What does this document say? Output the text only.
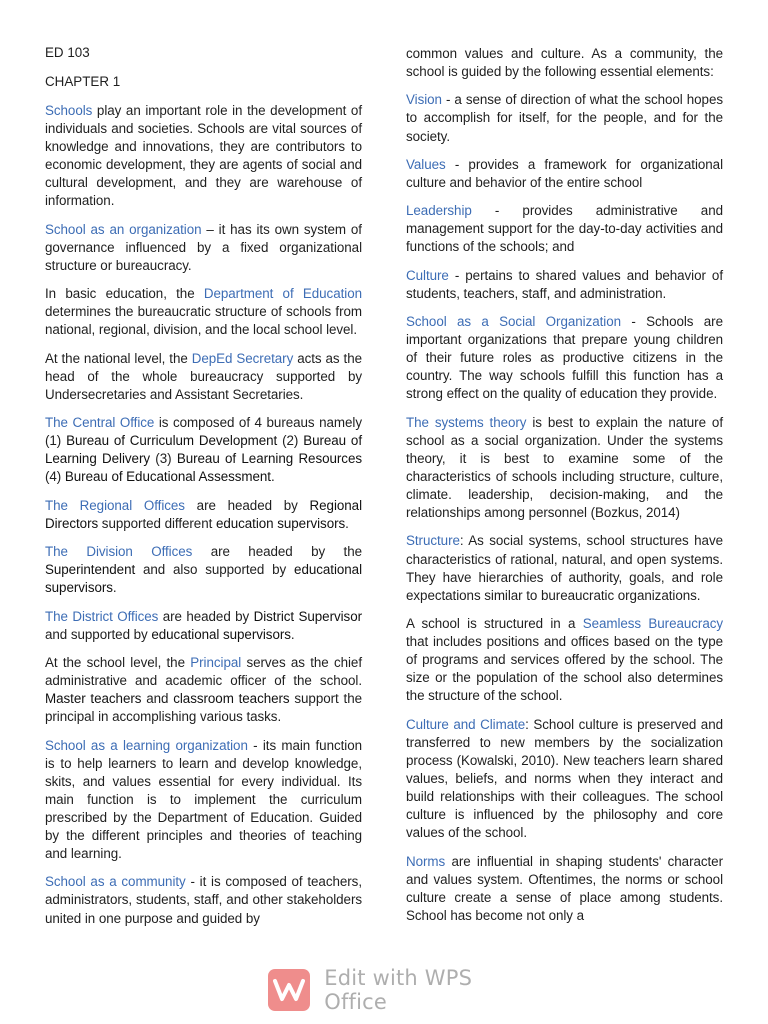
ED 103
CHAPTER 1

Schools play an important role in the development of individuals and societies. Schools are vital sources of knowledge and innovations, they are contributors to economic development, they are agents of social and cultural development, and they are warehouse of information.

School as an organization – it has its own system of governance influenced by a fixed organizational structure or bureaucracy.

In basic education, the Department of Education determines the bureaucratic structure of schools from national, regional, division, and the local school level.

At the national level, the DepEd Secretary acts as the head of the whole bureaucracy supported by Undersecretaries and Assistant Secretaries.

The Central Office is composed of 4 bureaus namely (1) Bureau of Curriculum Development (2) Bureau of Learning Delivery (3) Bureau of Learning Resources (4) Bureau of Educational Assessment.

The Regional Offices are headed by Regional Directors supported different education supervisors.

The Division Offices are headed by the Superintendent and also supported by educational supervisors.

The District Offices are headed by District Supervisor and supported by educational supervisors.

At the school level, the Principal serves as the chief administrative and academic officer of the school. Master teachers and classroom teachers support the principal in accomplishing various tasks.

School as a learning organization - its main function is to help learners to learn and develop knowledge, skits, and values essential for every individual. Its main function is to implement the curriculum prescribed by the Department of Education. Guided by the different principles and theories of teaching and learning.

School as a community - it is composed of teachers, administrators, students, staff, and other stakeholders united in one purpose and guided by

common values and culture. As a community, the school is guided by the following essential elements:

Vision - a sense of direction of what the school hopes to accomplish for itself, for the people, and for the society.

Values - provides a framework for organizational culture and behavior of the entire school

Leadership - provides administrative and management support for the day-to-day activities and functions of the schools; and

Culture - pertains to shared values and behavior of students, teachers, staff, and administration.

School as a Social Organization - Schools are important organizations that prepare young children of their future roles as productive citizens in the country. The way schools fulfill this function has a strong effect on the quality of education they provide.

The systems theory is best to explain the nature of school as a social organization. Under the systems theory, it is best to examine some of the characteristics of schools including structure, culture, climate. leadership, decision-making, and the relationships among personnel (Bozkus, 2014)

Structure: As social systems, school structures have characteristics of rational, natural, and open systems. They have hierarchies of authority, goals, and role expectations similar to bureaucratic organizations.

A school is structured in a Seamless Bureaucracy that includes positions and offices based on the type of programs and services offered by the school. The size or the population of the school also determines the structure of the school.

Culture and Climate: School culture is preserved and transferred to new members by the socialization process (Kowalski, 2010). New teachers learn shared values, beliefs, and norms when they interact and build relationships with their colleagues. The school culture is influenced by the philosophy and core values of the school.

Norms are influential in shaping students' character and values system. Oftentimes, the norms or school culture create a sense of place among students. School has become not only a

Edit with WPS Office
